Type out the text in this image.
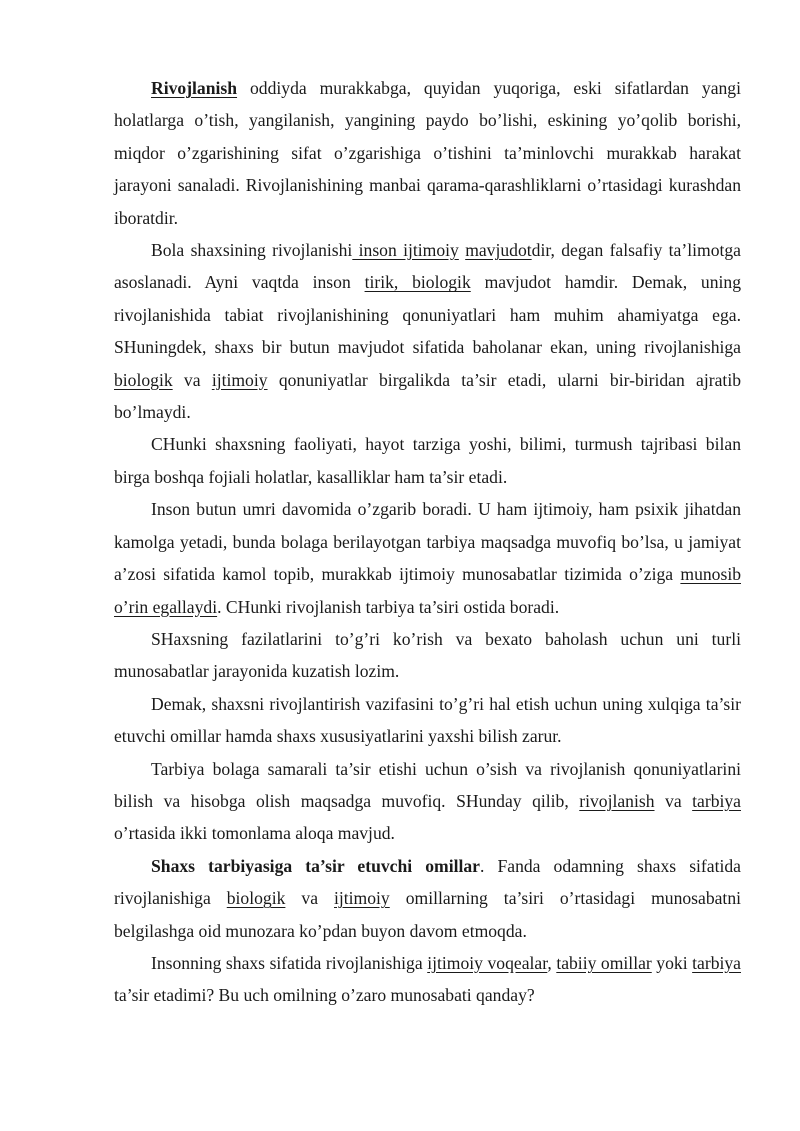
Rivojlanish oddiyda murakkabga, quyidan yuqoriga, eski sifatlardan yangi holatlarga o’tish, yangilanish, yangining paydo bo’lishi, eskining yo’qolib borishi, miqdor o’zgarishining sifat o’zgarishiga o’tishini ta’minlovchi murakkab harakat jarayoni sanaladi. Rivojlanishining manbai qarama-qarashliklarni o’rtasidagi kurashdan iboratdir.

Bola shaxsining rivojlanishi inson ijtimoiy mavjudotdir, degan falsafiy ta’limotga asoslanadi. Ayni vaqtda inson tirik, biologik mavjudot hamdir. Demak, uning rivojlanishida tabiat rivojlanishining qonuniyatlari ham muhim ahamiyatga ega. SHuningdek, shaxs bir butun mavjudot sifatida baholanar ekan, uning rivojlanishiga biologik va ijtimoiy qonuniyatlar birgalikda ta’sir etadi, ularni bir-biridan ajratib bo’lmaydi.

CHunki shaxsning faoliyati, hayot tarziga yoshi, bilimi, turmush tajribasi bilan birga boshqa fojiali holatlar, kasalliklar ham ta’sir etadi.

Inson butun umri davomida o’zgarib boradi. U ham ijtimoiy, ham psixik jihatdan kamolga yetadi, bunda bolaga berilayotgan tarbiya maqsadga muvofiq bo’lsa, u jamiyat a’zosi sifatida kamol topib, murakkab ijtimoiy munosabatlar tizimida o’ziga munosib o’rin egallaydi. CHunki rivojlanish tarbiya ta’siri ostida boradi.

SHaxsning fazilatlarini to’g’ri ko’rish va bexato baholash uchun uni turli munosabatlar jarayonida kuzatish lozim.

Demak, shaxsni rivojlantirish vazifasini to’g’ri hal etish uchun uning xulqiga ta’sir etuvchi omillar hamda shaxs xususiyatlarini yaxshi bilish zarur.

Tarbiya bolaga samarali ta’sir etishi uchun o’sish va rivojlanish qonuniyatlarini bilish va hisobga olish maqsadga muvofiq. SHunday qilib, rivojlanish va tarbiya o’rtasida ikki tomonlama aloqa mavjud.

Shaxs tarbiyasiga ta’sir etuvchi omillar. Fanda odamning shaxs sifatida rivojlanishiga biologik va ijtimoiy omillarning ta’siri o’rtasidagi munosabatni belgilashga oid munozara ko’pdan buyon davom etmoqda.

Insonning shaxs sifatida rivojlanishiga ijtimoiy voqealar, tabiiy omillar yoki tarbiya ta’sir etadimi? Bu uch omilning o’zaro munosabati qanday?
